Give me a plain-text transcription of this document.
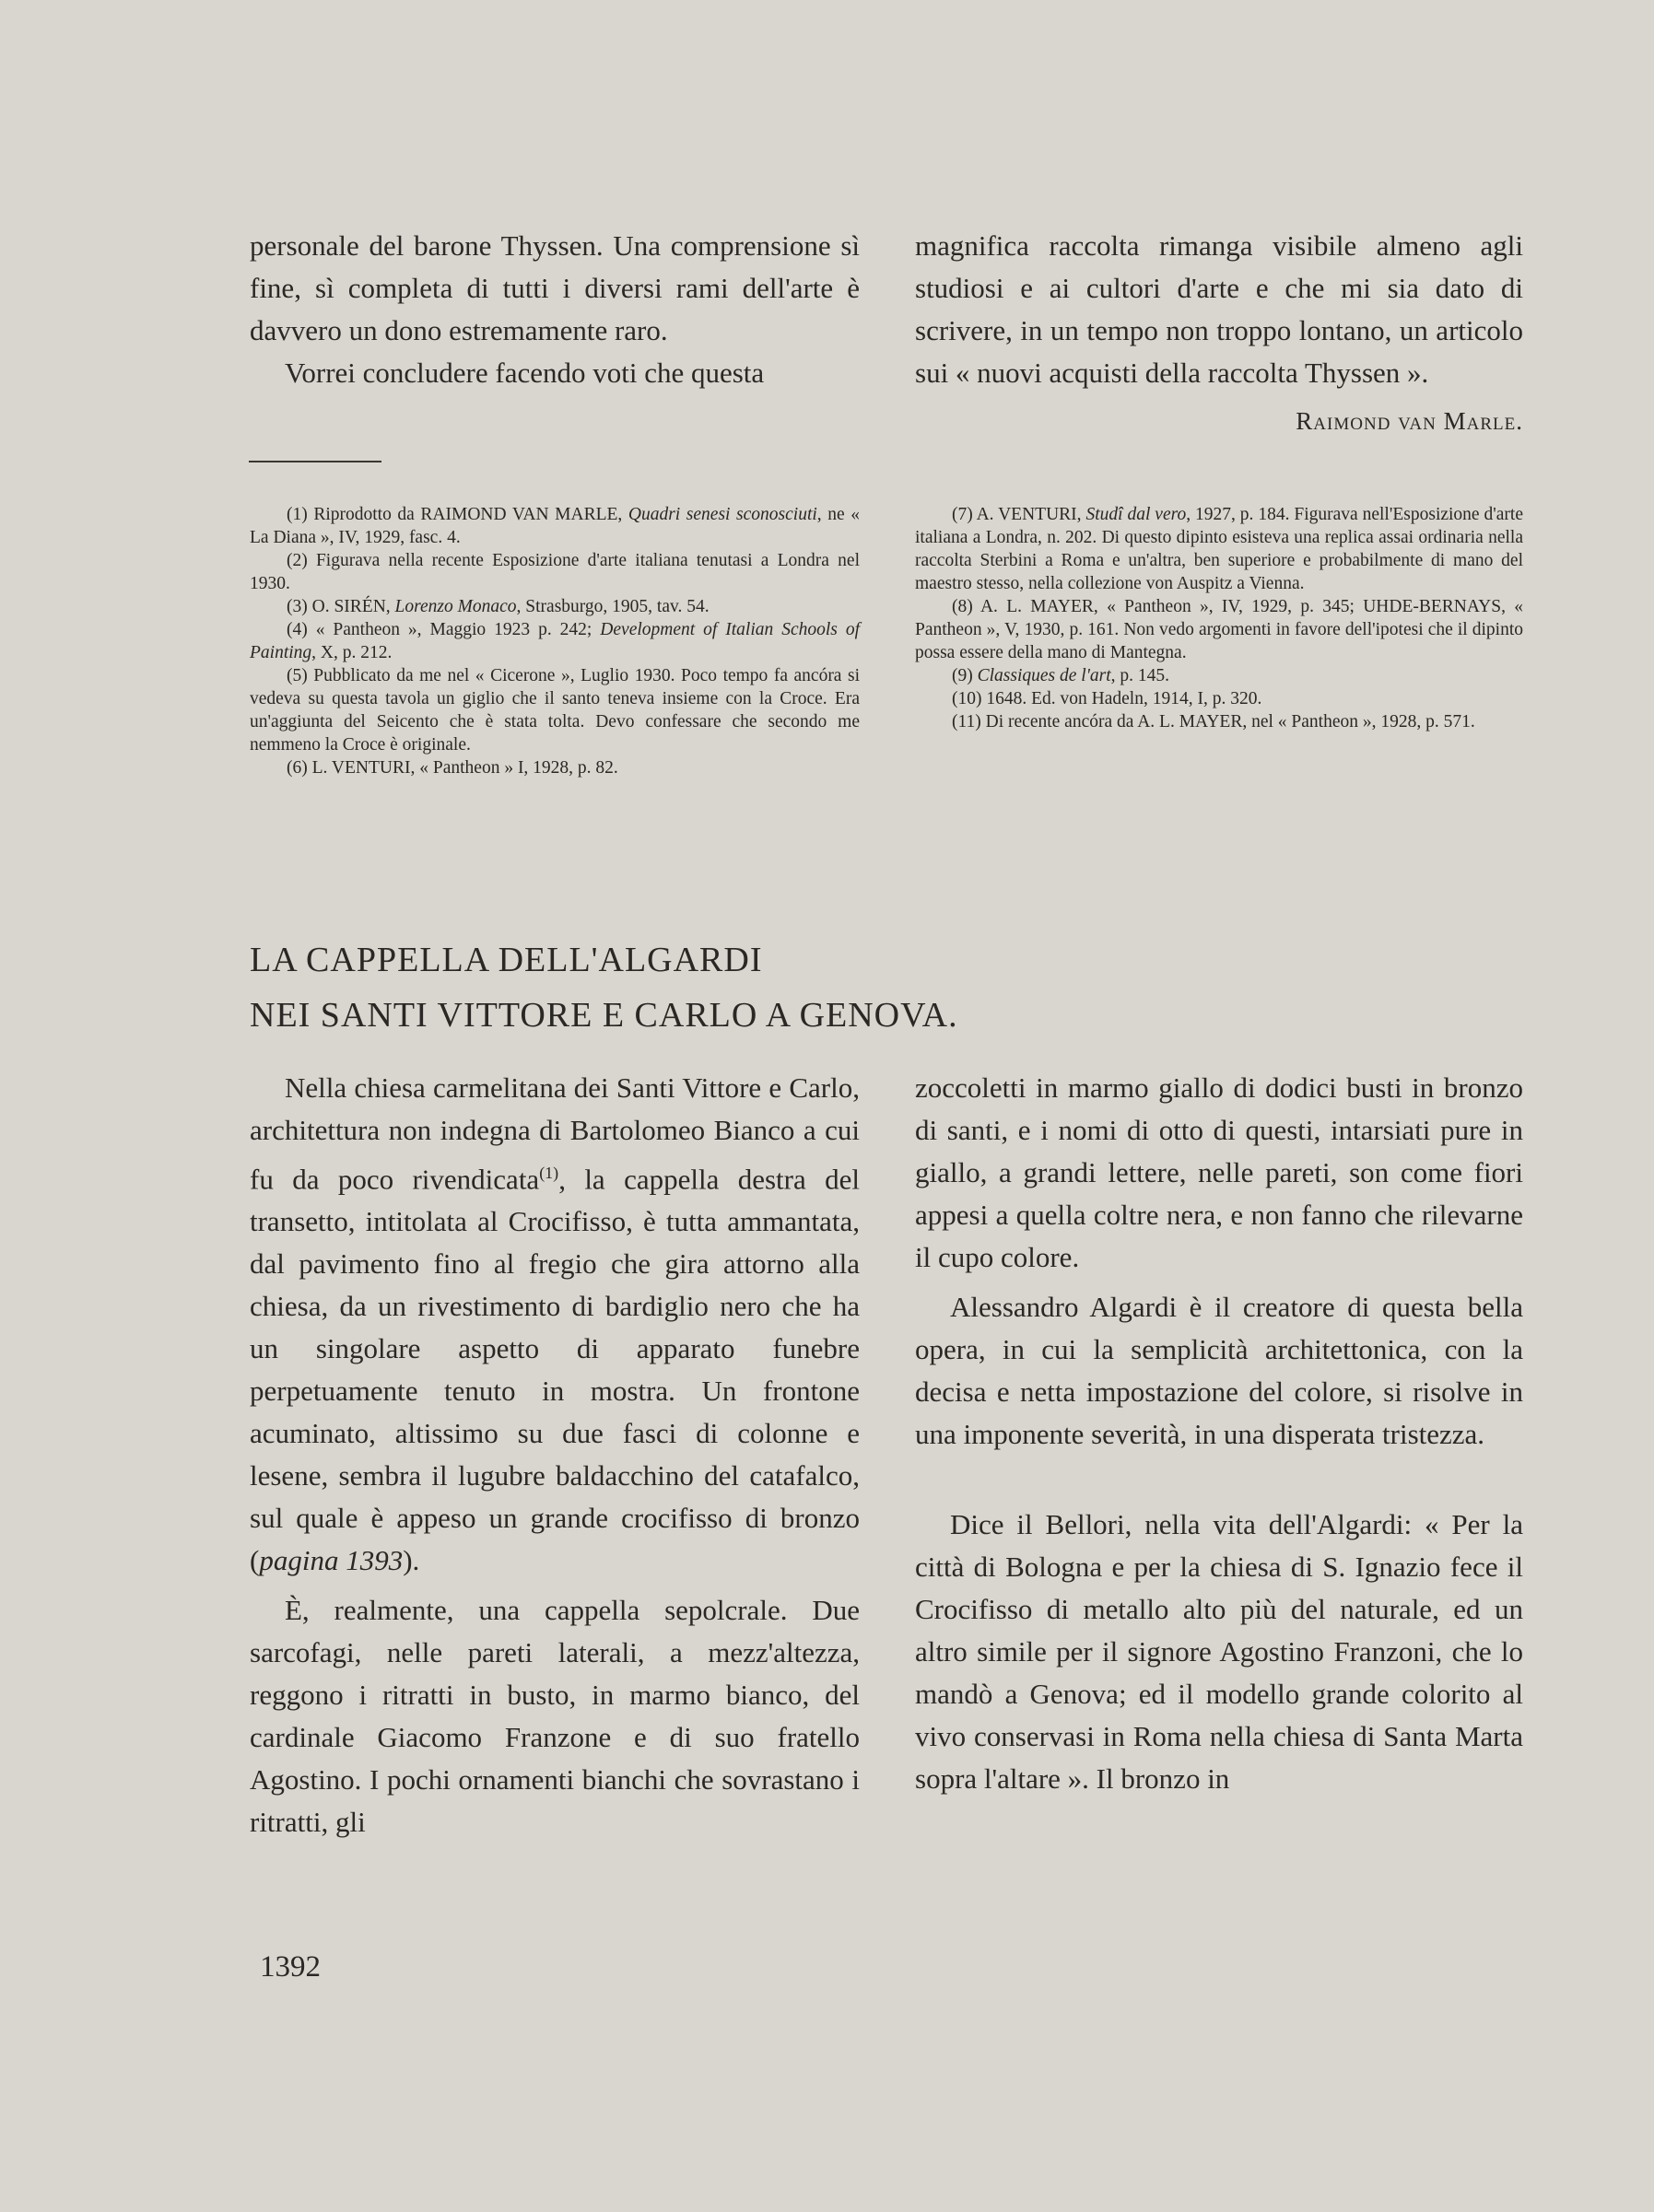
personale del barone Thyssen. Una comprensione sì fine, sì completa di tutti i diversi rami dell'arte è davvero un dono estremamente raro.

Vorrei concludere facendo voti che questa

magnifica raccolta rimanga visibile almeno agli studiosi e ai cultori d'arte e che mi sia dato di scrivere, in un tempo non troppo lontano, un articolo sui « nuovi acquisti della raccolta Thyssen ».

Raimond van Marle.

(1) Riprodotto da RAIMOND VAN MARLE, Quadri senesi sconosciuti, ne « La Diana », IV, 1929, fasc. 4.

(2) Figurava nella recente Esposizione d'arte italiana tenutasi a Londra nel 1930.

(3) O. SIRÉN, Lorenzo Monaco, Strasburgo, 1905, tav. 54.

(4) « Pantheon », Maggio 1923 p. 242; Development of Italian Schools of Painting, X, p. 212.

(5) Pubblicato da me nel « Cicerone », Luglio 1930. Poco tempo fa ancóra si vedeva su questa tavola un giglio che il santo teneva insieme con la Croce. Era un'aggiunta del Seicento che è stata tolta. Devo confessare che secondo me nemmeno la Croce è originale.

(6) L. VENTURI, « Pantheon » I, 1928, p. 82.

(7) A. VENTURI, Studî dal vero, 1927, p. 184. Figurava nell'Esposizione d'arte italiana a Londra, n. 202. Di questo dipinto esisteva una replica assai ordinaria nella raccolta Sterbini a Roma e un'altra, ben superiore e probabilmente di mano del maestro stesso, nella collezione von Auspitz a Vienna.

(8) A. L. MAYER, « Pantheon », IV, 1929, p. 345; UHDE-BERNAYS, « Pantheon », V, 1930, p. 161. Non vedo argomenti in favore dell'ipotesi che il dipinto possa essere della mano di Mantegna.

(9) Classiques de l'art, p. 145.

(10) 1648. Ed. von Hadeln, 1914, I, p. 320.

(11) Di recente ancóra da A. L. MAYER, nel « Pantheon », 1928, p. 571.

LA CAPPELLA DELL'ALGARDI
NEI SANTI VITTORE E CARLO A GENOVA.

Nella chiesa carmelitana dei Santi Vittore e Carlo, architettura non indegna di Bartolomeo Bianco a cui fu da poco rivendicata$^{(1)}$, la cappella destra del transetto, intitolata al Crocifisso, è tutta ammantata, dal pavimento fino al fregio che gira attorno alla chiesa, da un rivestimento di bardiglio nero che ha un singolare aspetto di apparato funebre perpetuamente tenuto in mostra. Un frontone acuminato, altissimo su due fasci di colonne e lesene, sembra il lugubre baldacchino del catafalco, sul quale è appeso un grande crocifisso di bronzo (pagina 1393).

È, realmente, una cappella sepolcrale. Due sarcofagi, nelle pareti laterali, a mezz'altezza, reggono i ritratti in busto, in marmo bianco, del cardinale Giacomo Franzone e di suo fratello Agostino. I pochi ornamenti bianchi che sovrastano i ritratti, gli

zoccoletti in marmo giallo di dodici busti in bronzo di santi, e i nomi di otto di questi, intarsiati pure in giallo, a grandi lettere, nelle pareti, son come fiori appesi a quella coltre nera, e non fanno che rilevarne il cupo colore.

Alessandro Algardi è il creatore di questa bella opera, in cui la semplicità architettonica, con la decisa e netta impostazione del colore, si risolve in una imponente severità, in una disperata tristezza.

Dice il Bellori, nella vita dell'Algardi: « Per la città di Bologna e per la chiesa di S. Ignazio fece il Crocifisso di metallo alto più del naturale, ed un altro simile per il signore Agostino Franzoni, che lo mandò a Genova; ed il modello grande colorito al vivo conservasi in Roma nella chiesa di Santa Marta sopra l'altare ». Il bronzo in

1392
